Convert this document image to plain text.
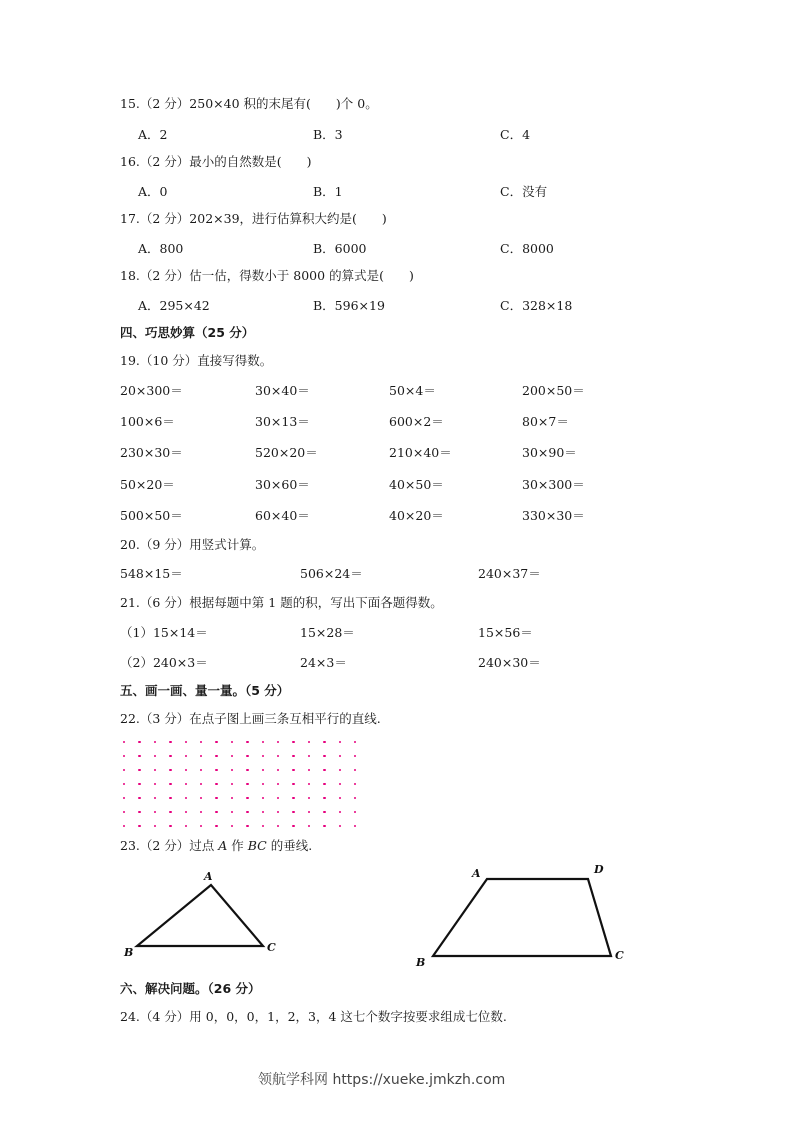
15.（2 分）250×40 积的末尾有(　　)个 0。
A．2	B．3	C．4
16.（2 分）最小的自然数是(　　)
A．0	B．1	C．没有
17.（2 分）202×39，进行估算积大约是(　　)
A．800	B．6000	C．8000
18.（2 分）估一估，得数小于 8000 的算式是(　　)
A．295×42	B．596×19	C．328×18
四、巧思妙算（25 分）
19.（10 分）直接写得数。
20×300＝	30×40＝	50×4＝	200×50＝
100×6＝	30×13＝	600×2＝	80×7＝
230×30＝	520×20＝	210×40＝	30×90＝
50×20＝	30×60＝	40×50＝	30×300＝
500×50＝	60×40＝	40×20＝	330×30＝
20.（9 分）用竖式计算。
548×15＝	506×24＝	240×37＝
21.（6 分）根据每题中第 1 题的积，写出下面各题得数。
（1）15×14＝	15×28＝	15×56＝
（2）240×3＝	24×3＝	240×30＝
五、画一画、量一量。（5 分）
22.（3 分）在点子图上画三条互相平行的直线.
23.（2 分）过点 A 作 BC 的垂线.
A
B	C
A	D
B
C
六、解决问题。（26 分）
24.（4 分）用 0，0，0，1，2，3，4 这七个数字按要求组成七位数.
领航学科网 https://xueke.jmkzh.com
